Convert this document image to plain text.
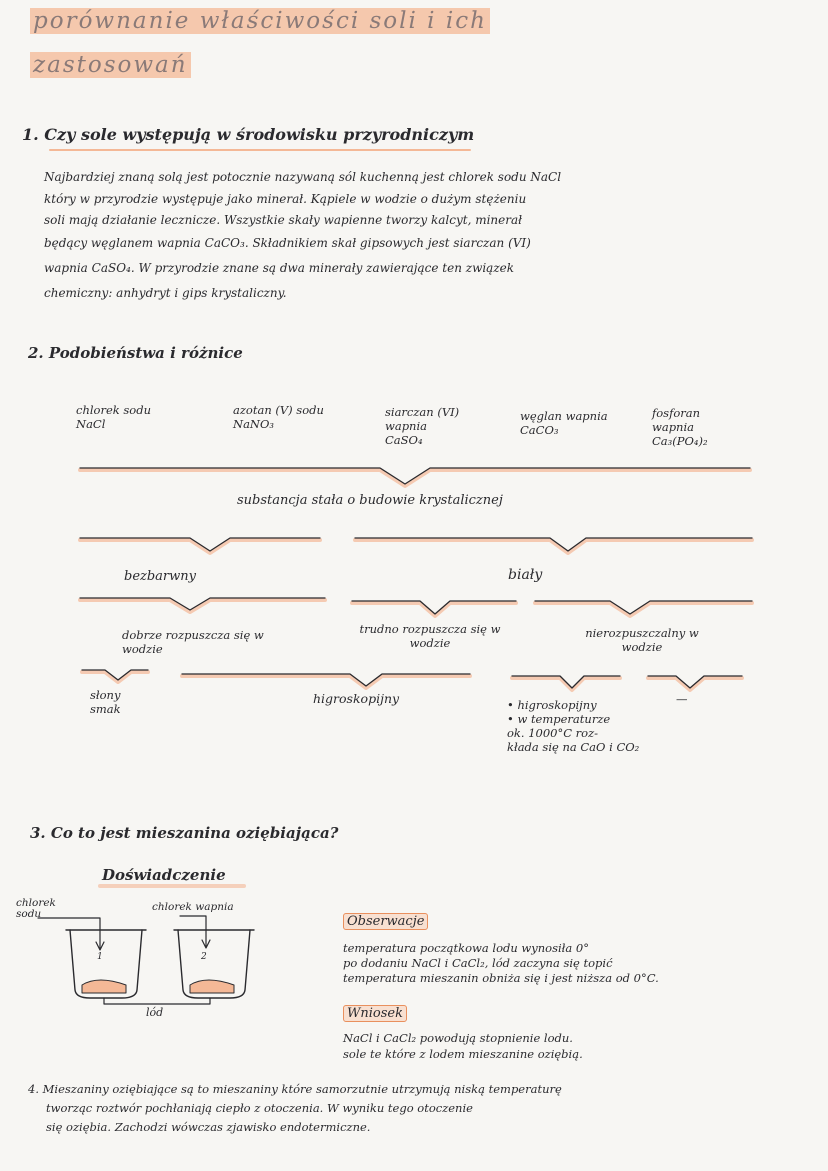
porównanie właściwości soli i ich
zastosowań
1. Czy sole występują w środowisku przyrodniczym
Najbardziej znaną solą jest potocznie nazywaną sól kuchenną jest chlorek sodu NaCl
który w przyrodzie występuje jako minerał. Kąpiele w wodzie o dużym stężeniu
soli mają działanie lecznicze. Wszystkie skały wapienne tworzy kalcyt, minerał
będący węglanem wapnia CaCO₃. Składnikiem skał gipsowych jest siarczan (VI)
wapnia CaSO₄. W przyrodzie znane są dwa minerały zawierające ten związek
chemiczny: anhydryt i gips krystaliczny.
2. Podobieństwa i różnice
chlorek sodu
NaCl
azotan (V) sodu
NaNO₃
siarczan (VI) wapnia
CaSO₄
węglan wapnia
CaCO₃
fosforan wapnia
Ca₃(PO₄)₂
substancja stała o budowie krystalicznej
bezbarwny	biały
dobrze rozpuszcza się w wodzie
trudno rozpuszcza się w wodzie
nierozpuszczalny w wodzie
słony smak
higroskopijny	—
• higroskopijny
• w temperaturze
ok. 1000°C roz-
kłada się na CaO i CO₂
3. Co to jest mieszanina oziębiająca?
Doświadczenie
chlorek sodu
chlorek wapnia
1	2
lód
Obserwacje
temperatura początkowa lodu wynosiła 0°
po dodaniu NaCl i CaCl₂, lód zaczyna się topić
temperatura mieszanin obniża się i jest niższa od 0°C.
Wniosek
NaCl i CaCl₂ powodują stopnienie lodu.
sole te które z lodem mieszanine oziębią.
4. Mieszaniny oziębiające są to mieszaniny które samorzutnie utrzymują niską temperaturę
tworząc roztwór pochłaniają ciepło z otoczenia. W wyniku tego otoczenie
się oziębia. Zachodzi wówczas zjawisko endotermiczne.
